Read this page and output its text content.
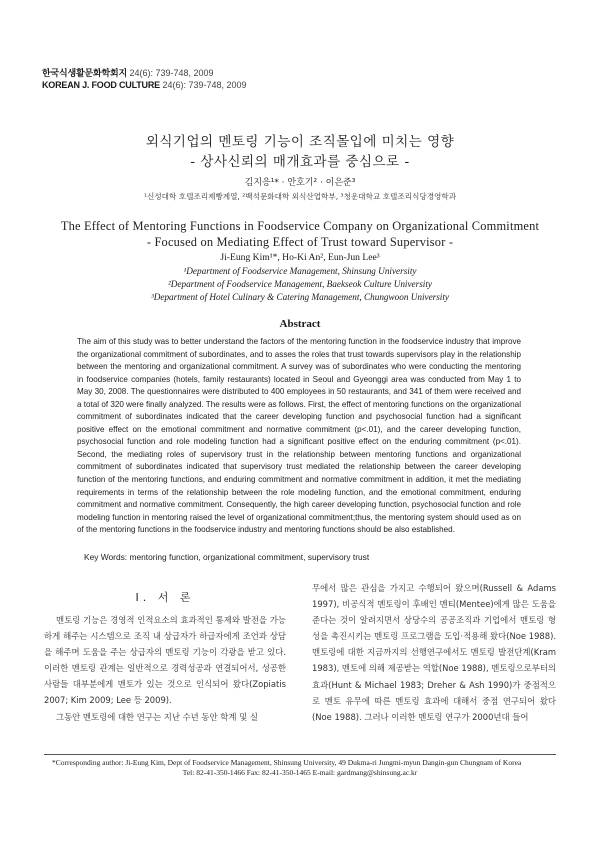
한국식생활문화학회지 24(6): 739-748, 2009
KOREAN J. FOOD CULTURE 24(6): 739-748, 2009
외식기업의 멘토링 기능이 조직몰입에 미치는 영향
- 상사신뢰의 매개효과를 중심으로 -
김지응¹* · 안호기² · 이은준³
¹신성대학 호텔조리제빵계열, ²백석문화대학 외식산업학부, ³청운대학교 호텔조리식당경영학과
The Effect of Mentoring Functions in Foodservice Company on Organizational Commitment
- Focused on Mediating Effect of Trust toward Supervisor -
Ji-Eung Kim¹*, Ho-Ki An², Eun-Jun Lee³
¹Department of Foodservice Management, Shinsung University
²Department of Foodservice Management, Baekseok Culture University
³Department of Hotel Culinary & Catering Management, Chungwoon University
Abstract
The aim of this study was to better understand the factors of the mentoring function in the foodservice industry that improve the organizational commitment of subordinates, and to asses the roles that trust towards supervisors play in the relationship between the mentoring and organizational commitment. A survey was of subordinates who were conducting the mentoring in foodservice companies (hotels, family restaurants) located in Seoul and Gyeonggi area was conducted from May 1 to May 30, 2008. The questionnaires were distributed to 400 employees in 50 restaurants, and 341 of them were received and a total of 320 were finally analyzed. The results were as follows. First, the effect of mentoring functions on the organizational commitment of subordinates indicated that the career developing function and psychosocial function had a significant positive effect on the emotional commitment and normative commitment (p<.01), and the career developing function, psychosocial function and role modeling function had a significant positive effect on the enduring commitment (p<.01). Second, the mediating roles of supervisory trust in the relationship between mentoring functions and organizational commitment of subordinates indicated that supervisory trust mediated the relationship between the career developing function of the mentoring functions, and enduring commitment and normative commitment in addition, it met the mediating requirements in terms of the relationship between the role modeling function, and the emotional commitment, enduring commitment and normative commitment. Consequently, the high career developing function, psychosocial function and role modeling function in mentoring raised the level of organizational commitment;thus, the mentoring system should used as on of the mentoring functions in the foodservice industry and mentoring functions should be also established.
Key Words: mentoring function, organizational commitment, supervisory trust
I. 서 론

멘토링 기능은 경영적 인적요소의 효과적인 통제와 발전을 가능하게 해주는 시스템으로 조직 내 상급자가 하급자에게 조언과 상담을 해주며 도움을 주는 상급자의 멘토링 기능이 각광을 받고 있다. 이러한 멘토링 관계는 일반적으로 경력성공과 연결되어서, 성공한 사람들 대부분에게 멘토가 있는 것으로 인식되어 왔다(Zopiatis 2007; Kim 2009; Lee 등 2009).

그동안 멘토링에 대한 연구는 지난 수년 동안 학계 및 실

무에서 많은 관심을 가지고 수행되어 왔으며(Russell & Adams 1997), 비공식적 멘토링이 후배인 멘티(Mentee)에게 많은 도움을 준다는 것이 알려지면서 상당수의 공공조직과 기업에서 멘토링 형성을 촉진시키는 멘토링 프로그램을 도입·적용해 왔다(Noe 1988). 멘토링에 대한 지금까지의 선행연구에서도 멘토링 발전단계(Kram 1983), 멘토에 의해 제공받는 역할(Noe 1988), 멘토링으로부터의 효과(Hunt & Michael 1983; Dreher & Ash 1990)가 중점적으로 멘토 유무에 따른 멘토링 효과에 대해서 중점 연구되어 왔다(Noe 1988). 그러나 이러한 멘토링 연구가 2000년대 들어

*Corresponding author: Ji-Eung Kim, Dept of Foodservice Management, Shinsung University, 49 Dukma-ri Jungmi-myun Dangin-gun Chungnam of Korea
Tel: 82-41-350-1466 Fax: 82-41-350-1465 E-mail: gardmang@shinsung.ac.kr
